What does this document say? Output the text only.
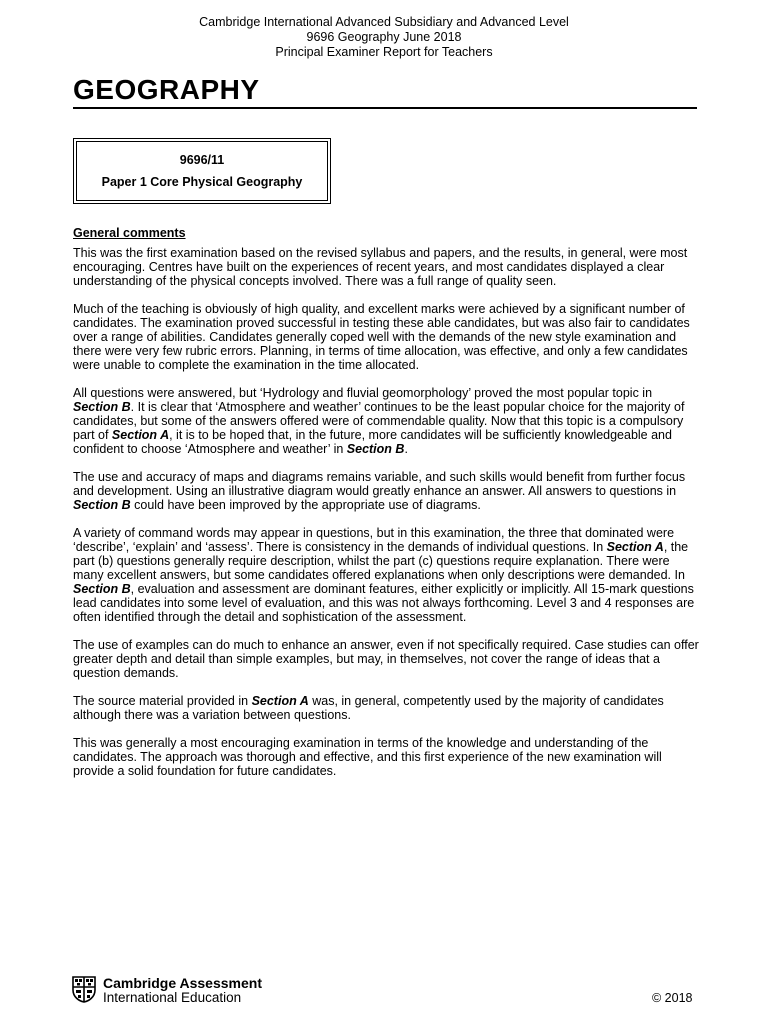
Cambridge International Advanced Subsidiary and Advanced Level
9696 Geography June 2018
Principal Examiner Report for Teachers
GEOGRAPHY
9696/11
Paper 1 Core Physical Geography
General comments

This was the first examination based on the revised syllabus and papers, and the results, in general, were most encouraging. Centres have built on the experiences of recent years, and most candidates displayed a clear understanding of the physical concepts involved. There was a full range of quality seen.

Much of the teaching is obviously of high quality, and excellent marks were achieved by a significant number of candidates. The examination proved successful in testing these able candidates, but was also fair to candidates over a range of abilities. Candidates generally coped well with the demands of the new style examination and there were very few rubric errors. Planning, in terms of time allocation, was effective, and only a few candidates were unable to complete the examination in the time allocated.

All questions were answered, but ‘Hydrology and fluvial geomorphology’ proved the most popular topic in Section B. It is clear that ‘Atmosphere and weather’ continues to be the least popular choice for the majority of candidates, but some of the answers offered were of commendable quality. Now that this topic is a compulsory part of Section A, it is to be hoped that, in the future, more candidates will be sufficiently knowledgeable and confident to choose ‘Atmosphere and weather’ in Section B.

The use and accuracy of maps and diagrams remains variable, and such skills would benefit from further focus and development. Using an illustrative diagram would greatly enhance an answer. All answers to questions in Section B could have been improved by the appropriate use of diagrams.

A variety of command words may appear in questions, but in this examination, the three that dominated were ‘describe’, ‘explain’ and ‘assess’. There is consistency in the demands of individual questions. In Section A, the part (b) questions generally require description, whilst the part (c) questions require explanation. There were many excellent answers, but some candidates offered explanations when only descriptions were demanded. In Section B, evaluation and assessment are dominant features, either explicitly or implicitly. All 15-mark questions lead candidates into some level of evaluation, and this was not always forthcoming. Level 3 and 4 responses are often identified through the detail and sophistication of the assessment.

The use of examples can do much to enhance an answer, even if not specifically required. Case studies can offer greater depth and detail than simple examples, but may, in themselves, not cover the range of ideas that a question demands.

The source material provided in Section A was, in general, competently used by the majority of candidates although there was a variation between questions.

This was generally a most encouraging examination in terms of the knowledge and understanding of the candidates. The approach was thorough and effective, and this first experience of the new examination will provide a solid foundation for future candidates.

Cambridge Assessment
International Education	© 2018
